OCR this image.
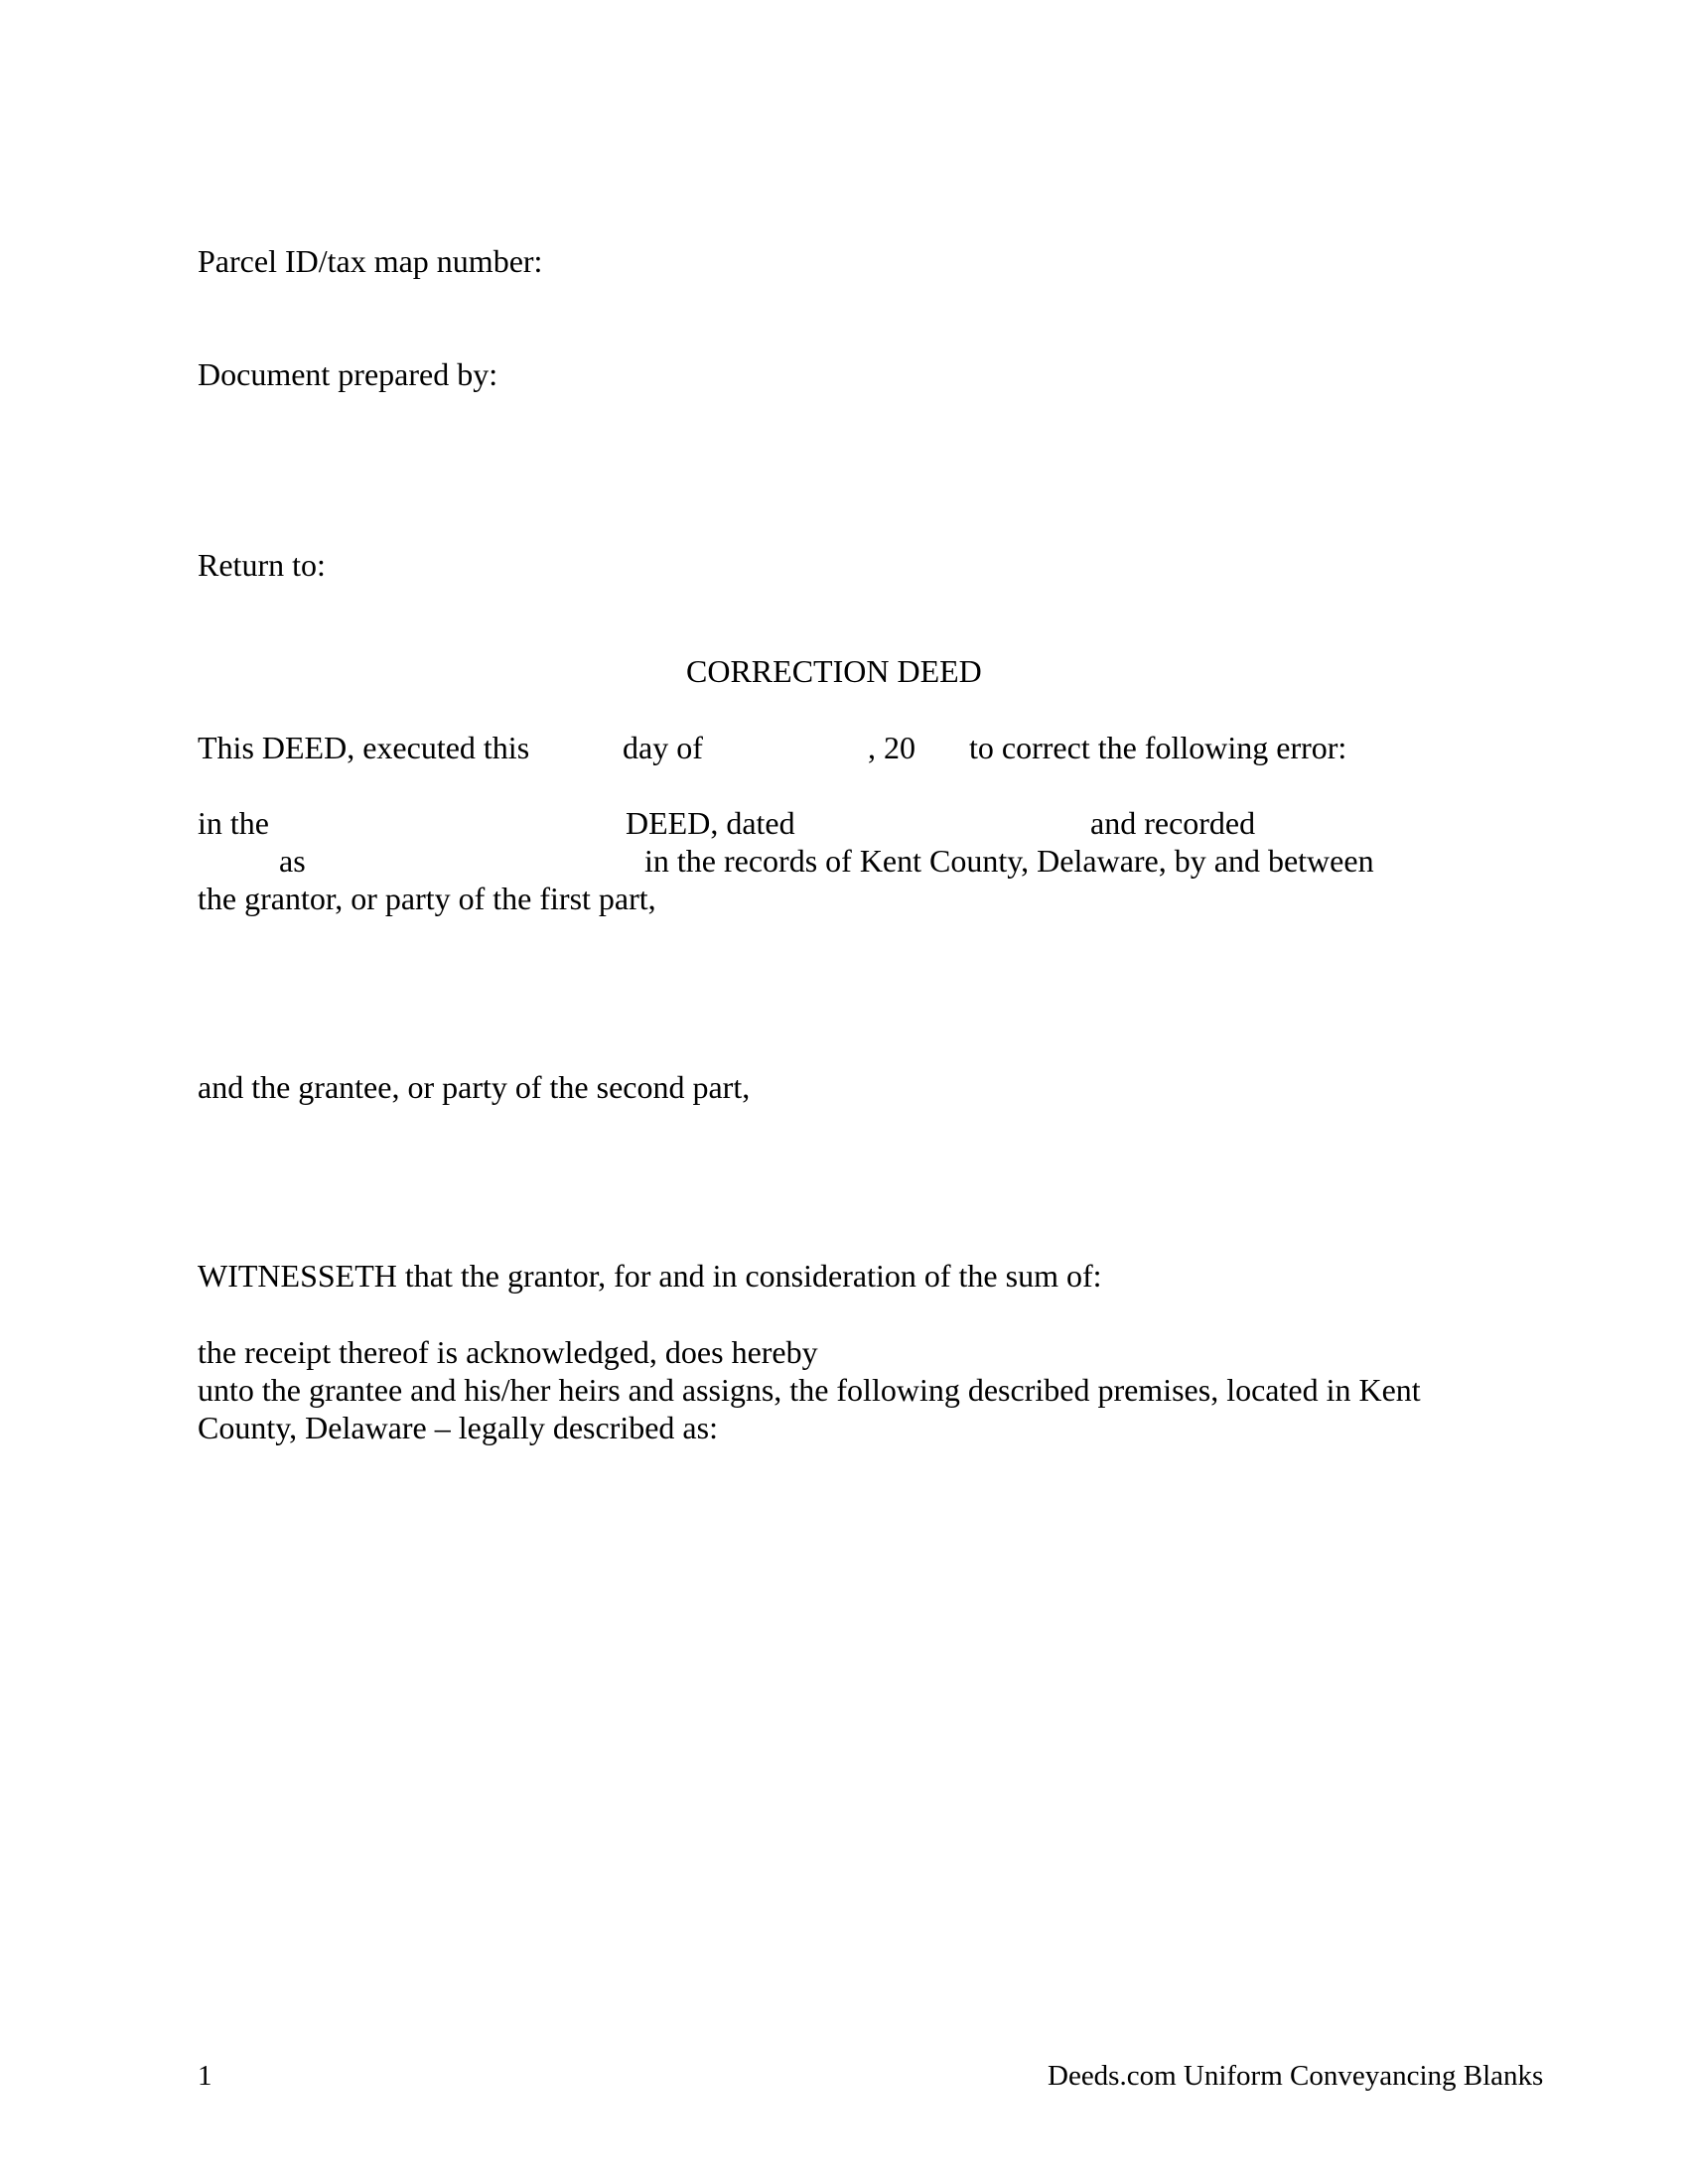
Parcel ID/tax map number:
Document prepared by:
Return to:
CORRECTION DEED
This DEED, executed this	day of	, 20 to correct the following error:
in the	DEED, dated	and recorded
as	in the records of Kent County, Delaware, by and between
the grantor, or party of the first part,
and the grantee, or party of the second part,
WITNESSETH that the grantor, for and in consideration of the sum of:
the receipt thereof is acknowledged, does hereby
unto the grantee and his/her heirs and assigns, the following described premises, located in Kent
County, Delaware – legally described as:
1	Deeds.com Uniform Conveyancing Blanks
